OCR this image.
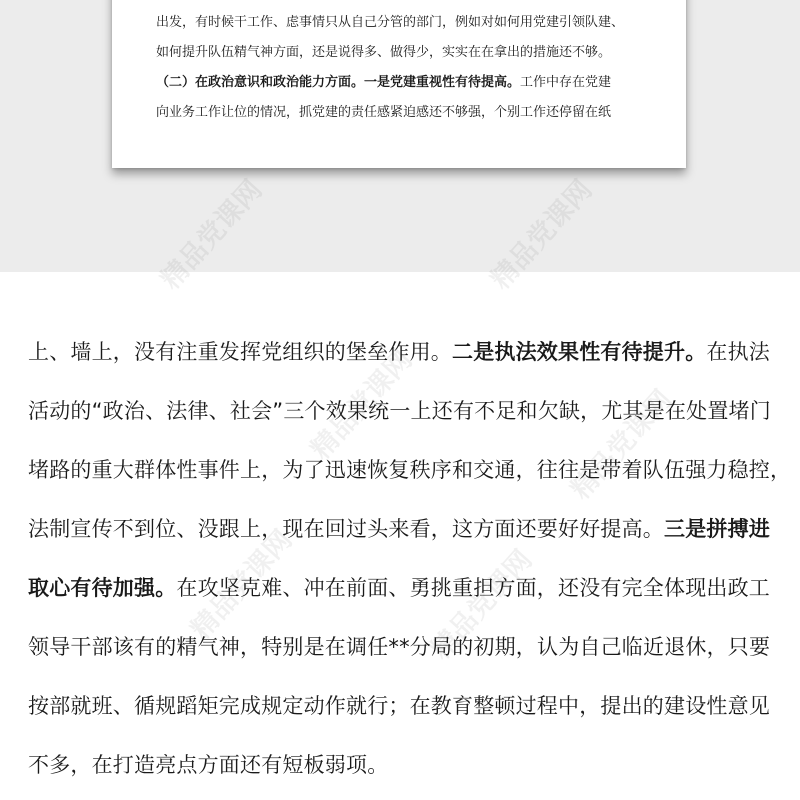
出发，有时候干工作、虑事情只从自己分管的部门，例如对如何用党建引领队建、
如何提升队伍精气神方面，还是说得多、做得少，实实在在拿出的措施还不够。
（二）在政治意识和政治能力方面。一是党建重视性有待提高。工作中存在党建
向业务工作让位的情况，抓党建的责任感紧迫感还不够强，个别工作还停留在纸
上、墙上，没有注重发挥党组织的堡垒作用。二是执法效果性有待提升。在执法
活动的“政治、法律、社会”三个效果统一上还有不足和欠缺，尤其是在处置堵门
堵路的重大群体性事件上，为了迅速恢复秩序和交通，往往是带着队伍强力稳控，
法制宣传不到位、没跟上，现在回过头来看，这方面还要好好提高。三是拼搏进
取心有待加强。在攻坚克难、冲在前面、勇挑重担方面，还没有完全体现出政工
领导干部该有的精气神，特别是在调任**分局的初期，认为自己临近退休，只要
按部就班、循规蹈矩完成规定动作就行；在教育整顿过程中，提出的建设性意见
不多，在打造亮点方面还有短板弱项。
精品党课网	精品党课网
精品党课网	精品党课网
